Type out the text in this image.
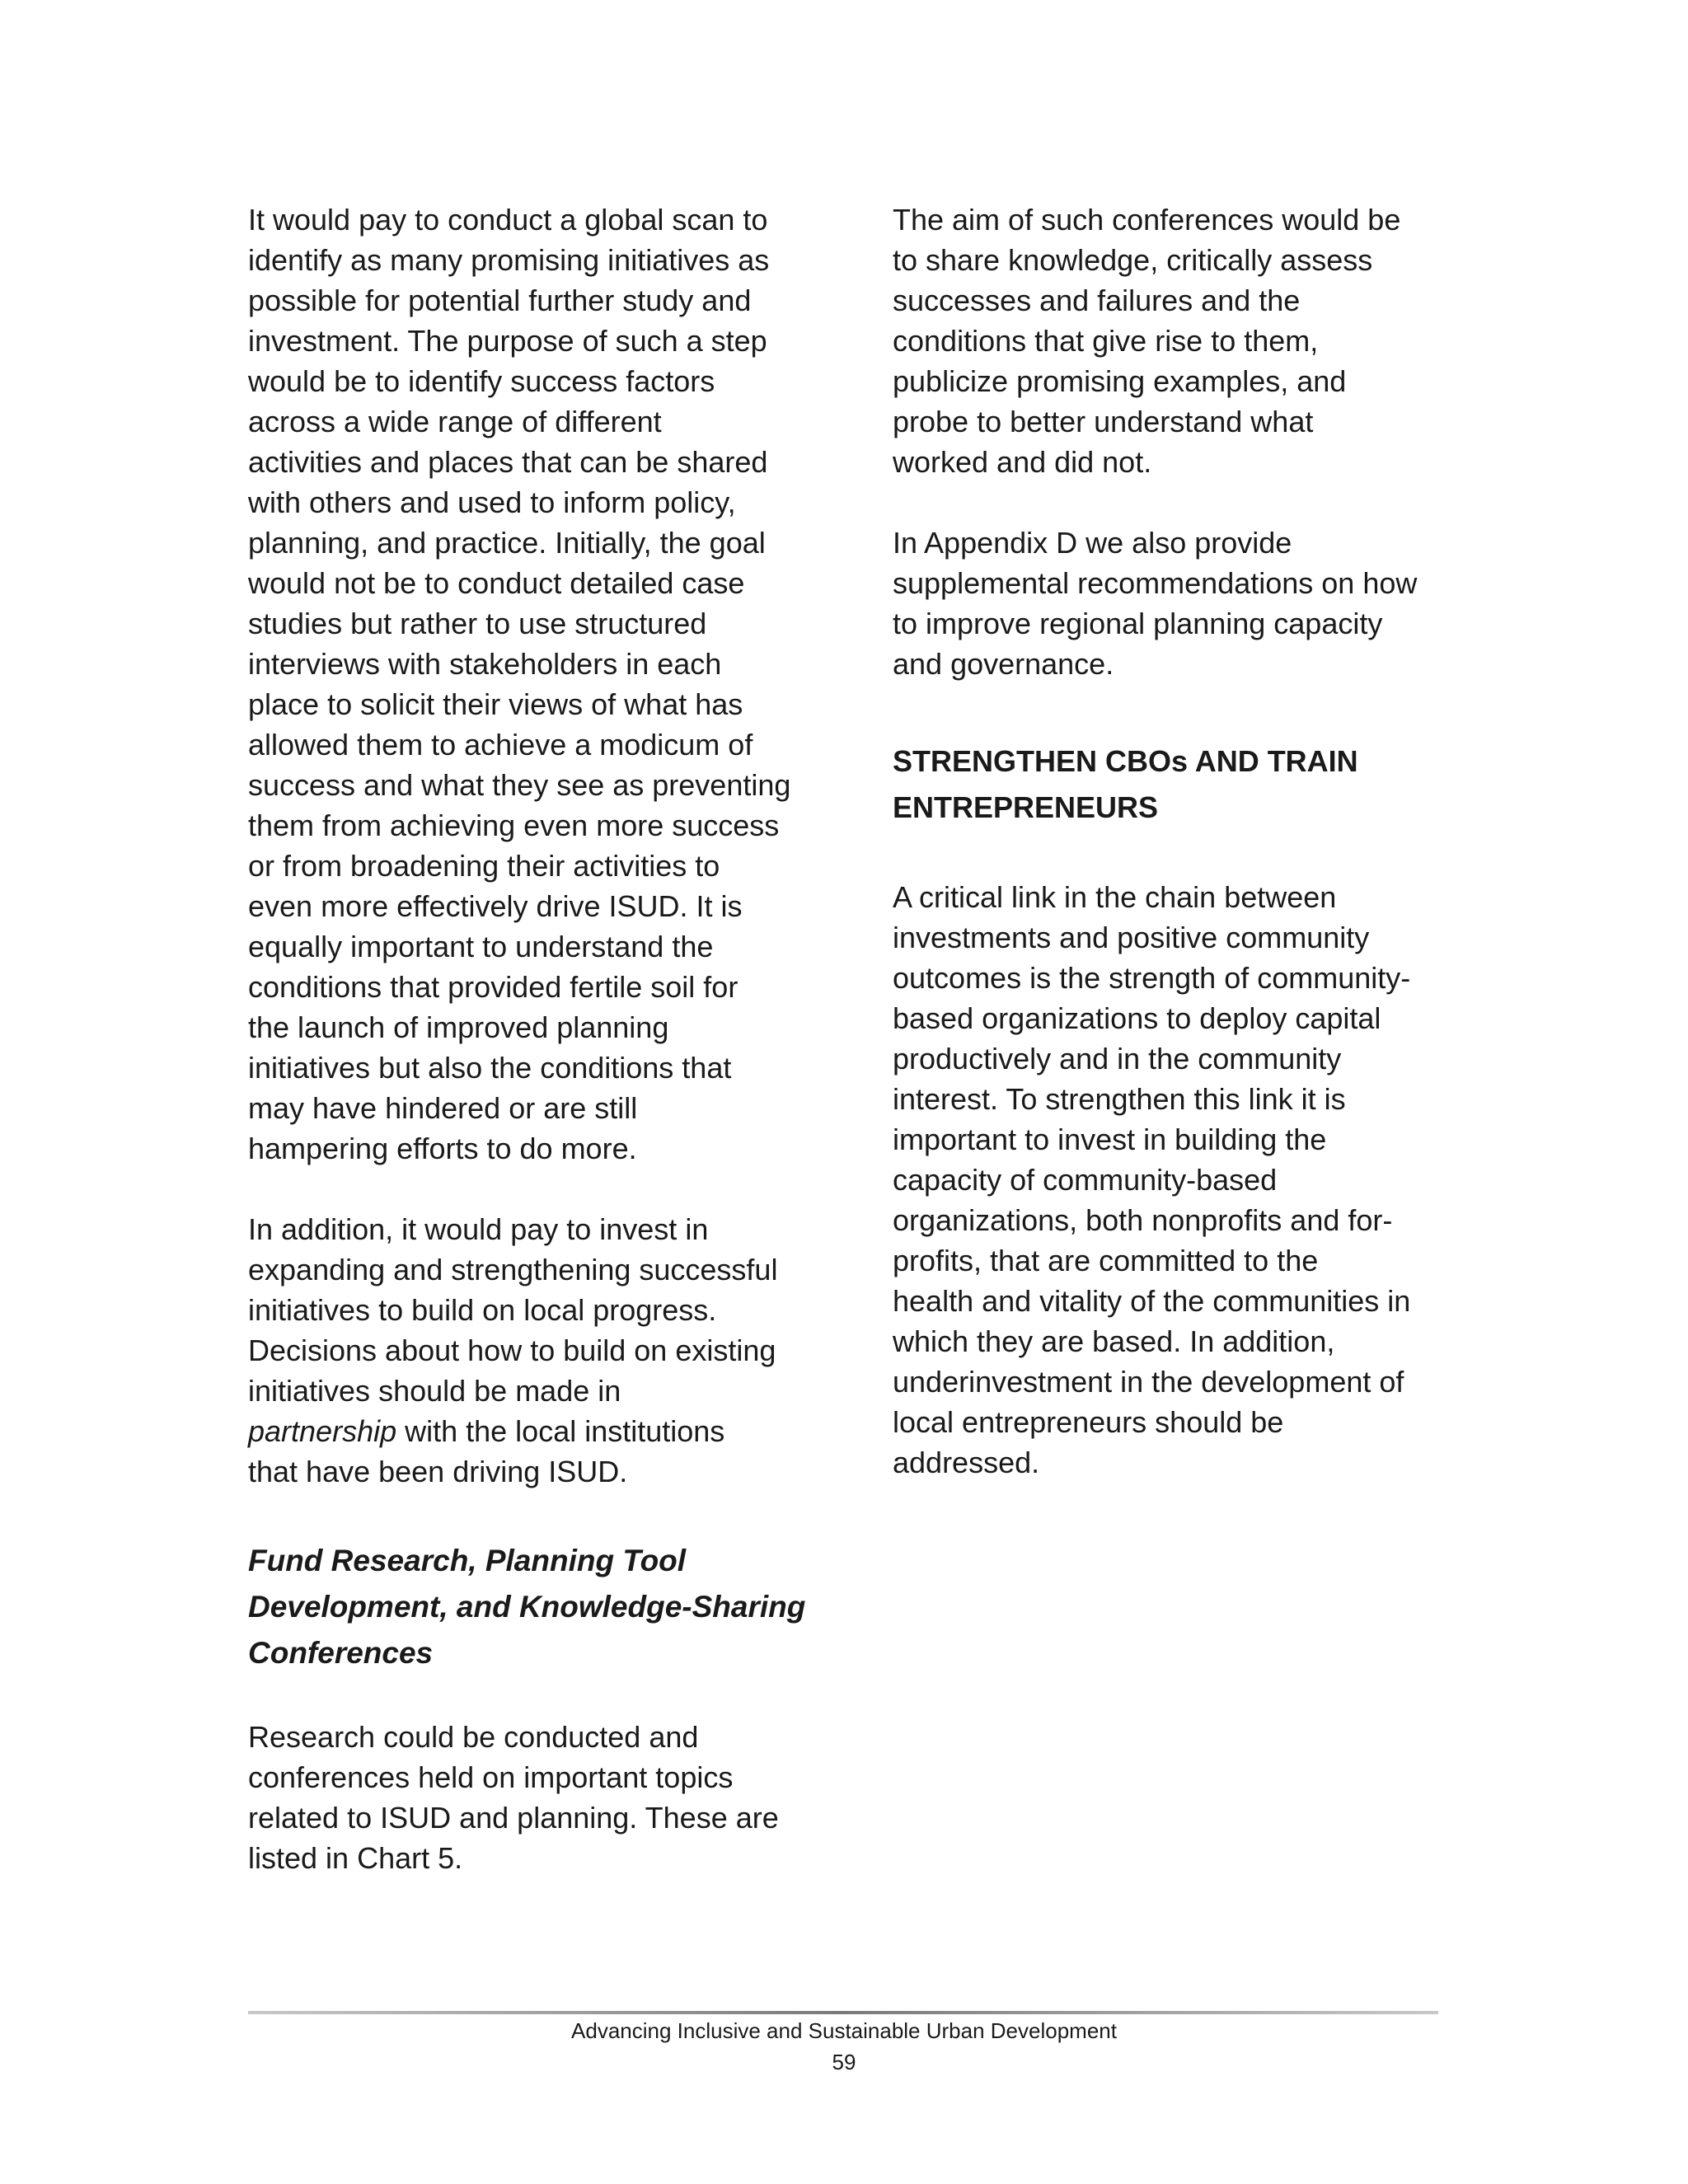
It would pay to conduct a global scan to
identify as many promising initiatives as
possible for potential further study and
investment. The purpose of such a step
would be to identify success factors
across a wide range of different
activities and places that can be shared
with others and used to inform policy,
planning, and practice. Initially, the goal
would not be to conduct detailed case
studies but rather to use structured
interviews with stakeholders in each
place to solicit their views of what has
allowed them to achieve a modicum of
success and what they see as preventing
them from achieving even more success
or from broadening their activities to
even more effectively drive ISUD. It is
equally important to understand the
conditions that provided fertile soil for
the launch of improved planning
initiatives but also the conditions that
may have hindered or are still
hampering efforts to do more.

In addition, it would pay to invest in
expanding and strengthening successful
initiatives to build on local progress.
Decisions about how to build on existing
initiatives should be made in
partnership with the local institutions
that have been driving ISUD.

Fund Research, Planning Tool
Development, and Knowledge-Sharing
Conferences

Research could be conducted and
conferences held on important topics
related to ISUD and planning. These are
listed in Chart 5.

The aim of such conferences would be
to share knowledge, critically assess
successes and failures and the
conditions that give rise to them,
publicize promising examples, and
probe to better understand what
worked and did not.

In Appendix D we also provide
supplemental recommendations on how
to improve regional planning capacity
and governance.

STRENGTHEN CBOs AND TRAIN
ENTREPRENEURS

A critical link in the chain between
investments and positive community
outcomes is the strength of community-
based organizations to deploy capital
productively and in the community
interest. To strengthen this link it is
important to invest in building the
capacity of community-based
organizations, both nonprofits and for-
profits, that are committed to the
health and vitality of the communities in
which they are based. In addition,
underinvestment in the development of
local entrepreneurs should be
addressed.

Advancing Inclusive and Sustainable Urban Development
59
